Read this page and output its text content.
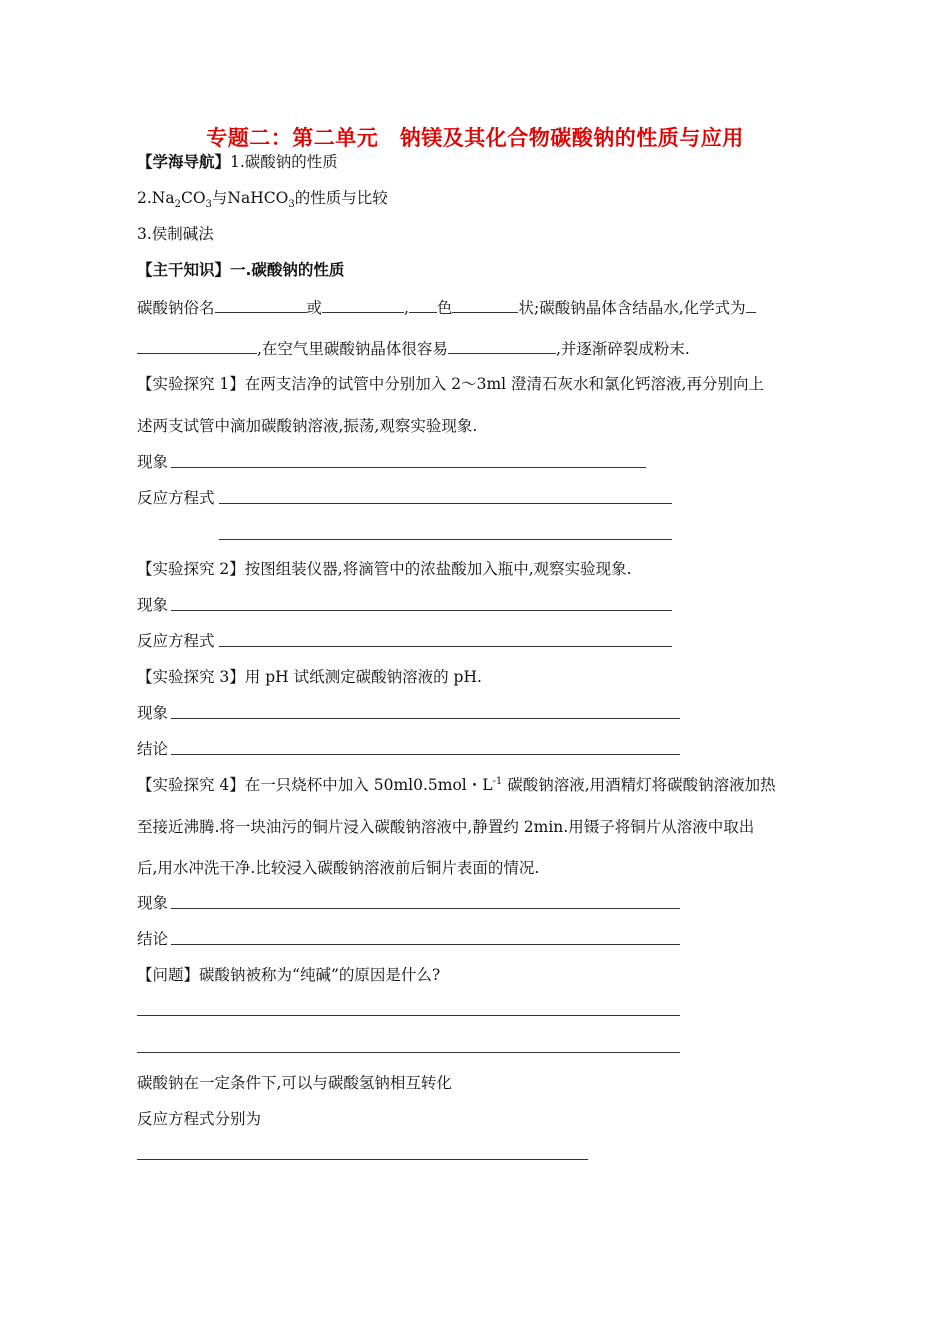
专题二：第二单元　钠镁及其化合物碳酸钠的性质与应用
【学海导航】1.碳酸钠的性质
$2.Na_2CO_3$与NaHCO$_3$的性质与比较
3.侯制碱法
【主干知识】一.碳酸钠的性质
碳酸钠俗名	或	, 色	状;碳酸钠晶体含结晶水,化学式为
,在空气里碳酸钠晶体很容易	,并逐渐碎裂成粉末.
【实验探究 1】在两支洁净的试管中分别加入 2～3ml 澄清石灰水和氯化钙溶液,再分别向上
述两支试管中滴加碳酸钠溶液,振荡,观察实验现象.
现象
反应方程式
【实验探究 2】按图组装仪器,将滴管中的浓盐酸加入瓶中,观察实验现象.
现象
反应方程式
【实验探究 3】用 pH 试纸测定碳酸钠溶液的 pH.
现象
结论
【实验探究 4】在一只烧杯中加入 50ml0.5mol・$L^{-1}$ 碳酸钠溶液,用酒精灯将碳酸钠溶液加热
至接近沸腾.将一块油污的铜片浸入碳酸钠溶液中,静置约 2min.用镊子将铜片从溶液中取出
后,用水冲洗干净.比较浸入碳酸钠溶液前后铜片表面的情况.
现象
结论
【问题】碳酸钠被称为“纯碱”的原因是什么?
碳酸钠在一定条件下,可以与碳酸氢钠相互转化
反应方程式分别为
